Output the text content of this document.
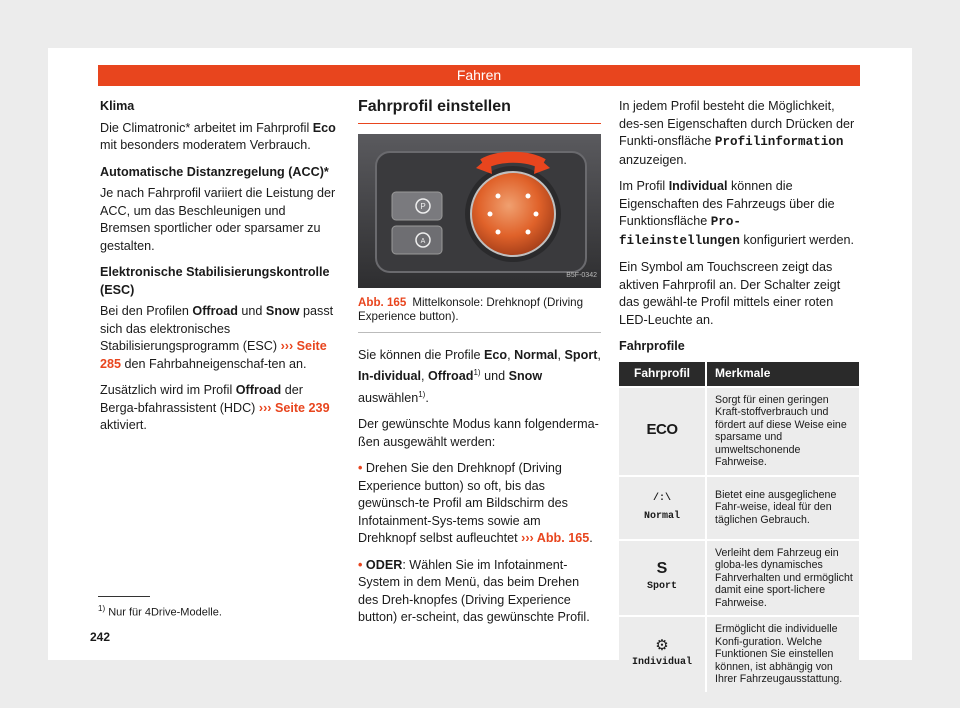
Fahren
Klima

Die Climatronic* arbeitet im Fahrprofil Eco
mit besonders moderatem Verbrauch.

Automatische Distanzregelung (ACC)*

Je nach Fahrprofil variiert die Leistung der ACC, um das Beschleunigen und Bremsen sportlicher oder sparsamer zu gestalten.

Elektronische Stabilisierungskontrolle (ESC)

Bei den Profilen Offroad und Snow passt sich das elektronisches Stabilisierungsprogramm (ESC) ››› Seite 285 den Fahrbahneigenschaf-ten an.

Zusätzlich wird im Profil Offroad der Berga-bfahrassistent (HDC) ››› Seite 239 aktiviert.

Fahrprofil einstellen
P
A
B5F-0342
Abb. 165 Mittelkonsole: Drehknopf (Driving Experience button).

Sie können die Profile Eco, Normal, Sport, In-dividual, Offroad$^{1)}$ und Snow auswählen$^{1)}$.

Der gewünschte Modus kann folgenderma-ßen ausgewählt werden:

• Drehen Sie den Drehknopf (Driving Experience button) so oft, bis das gewünsch-te Profil am Bildschirm des Infotainment-Sys-tems sowie am Drehknopf selbst aufleuchtet ››› Abb. 165.

• ODER: Wählen Sie im Infotainment-System in dem Menü, das beim Drehen des Dreh-knopfes (Driving Experience button) er-scheint, das gewünschte Profil.

In jedem Profil besteht die Möglichkeit, des-sen Eigenschaften durch Drücken der Funkti-onsfläche Profilinformation anzuzeigen.

Im Profil Individual können die Eigenschaften des Fahrzeugs über die Funktionsfläche Pro-fileinstellungen konfiguriert werden.

Ein Symbol am Touchscreen zeigt das aktiven Fahrprofil an. Der Schalter zeigt das gewähl-te Profil mittels einer roten LED-Leuchte an.

Fahrprofile
Fahrprofil	Merkmale
ECO	Sorgt für einen geringen Kraft-stoffverbrauch und fördert auf diese Weise eine sparsame und umweltschonende Fahrweise.

/:\
Normal	Bietet eine ausgeglichene Fahr-weise, ideal für den täglichen Gebrauch.

S
Sport	Verleiht dem Fahrzeug ein globa-les dynamisches Fahrverhalten und ermöglicht damit eine sport-lichere Fahrweise.

⚙
Individual	Ermöglicht die individuelle Konfi-guration. Welche Funktionen Sie einstellen können, ist abhängig von Ihrer Fahrzeugausstattung.
$^{1)}$ Nur für 4Drive-Modelle.
242
